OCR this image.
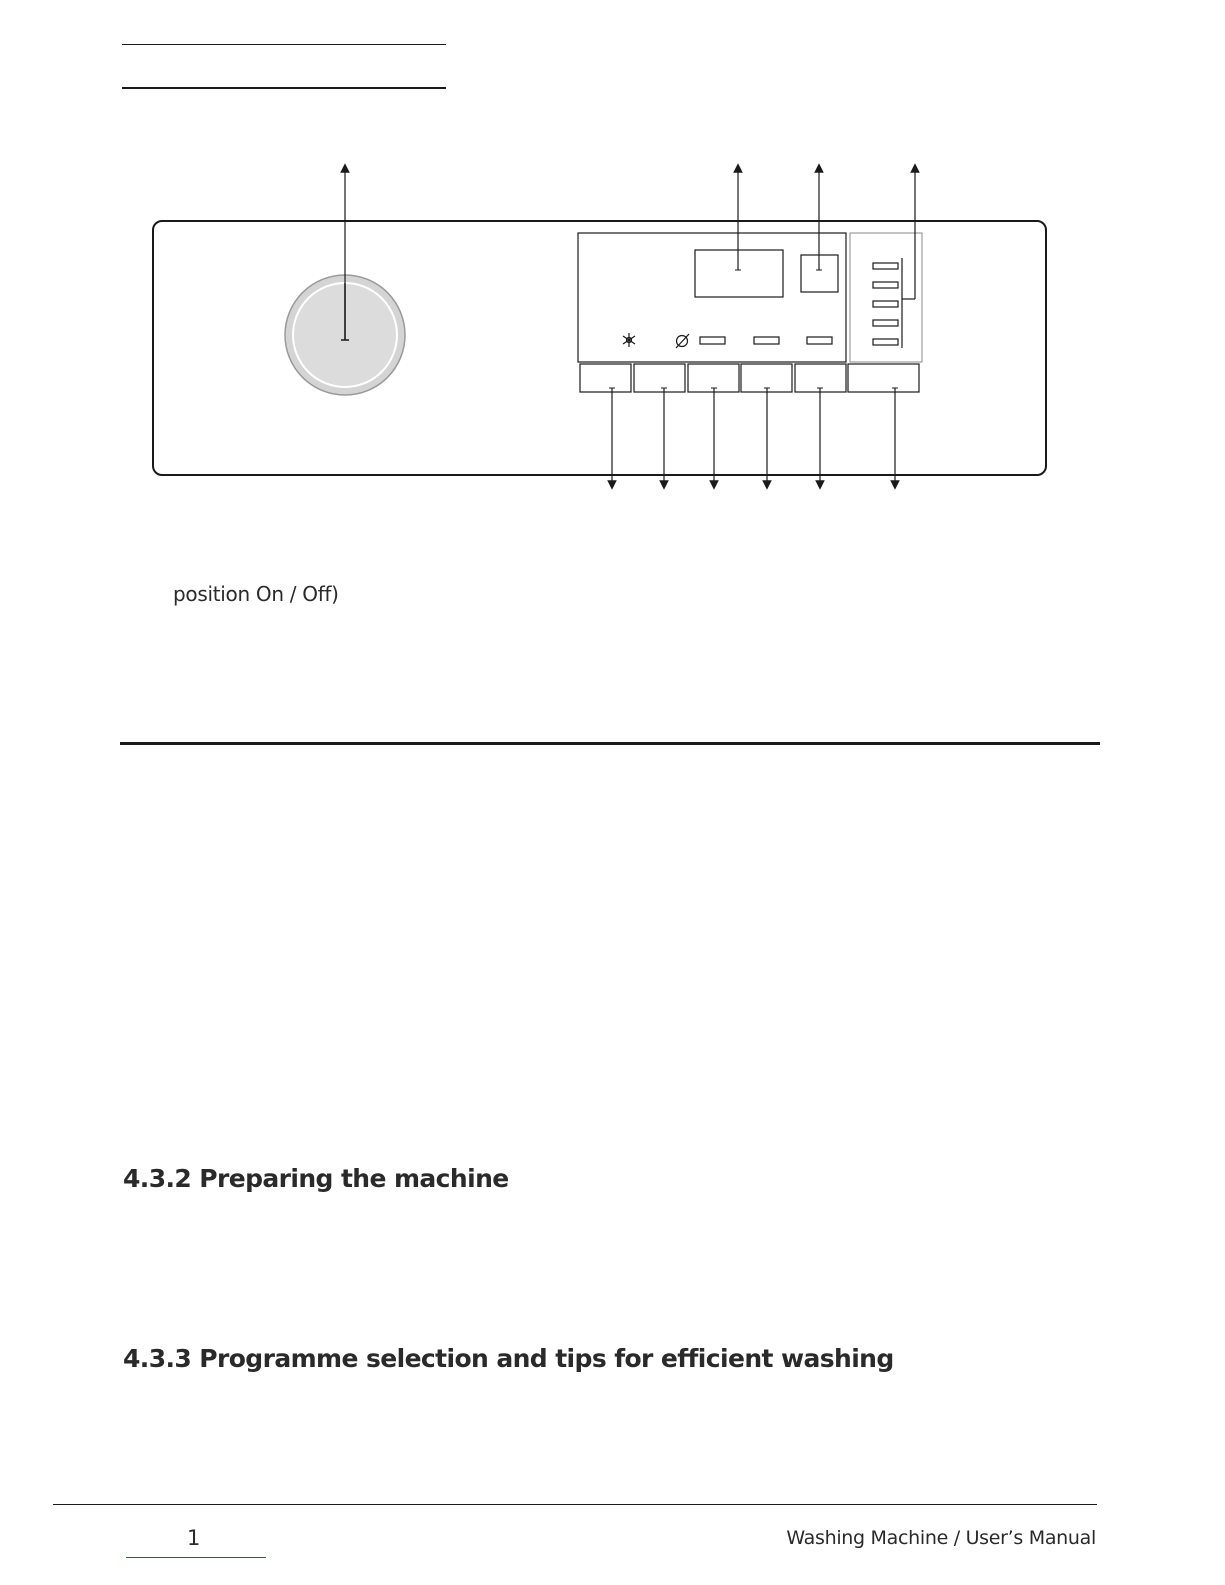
position On / Off)
4.3.2 Preparing the machine
4.3.3 Programme selection and tips for efficient washing
1	Washing Machine / User’s Manual
